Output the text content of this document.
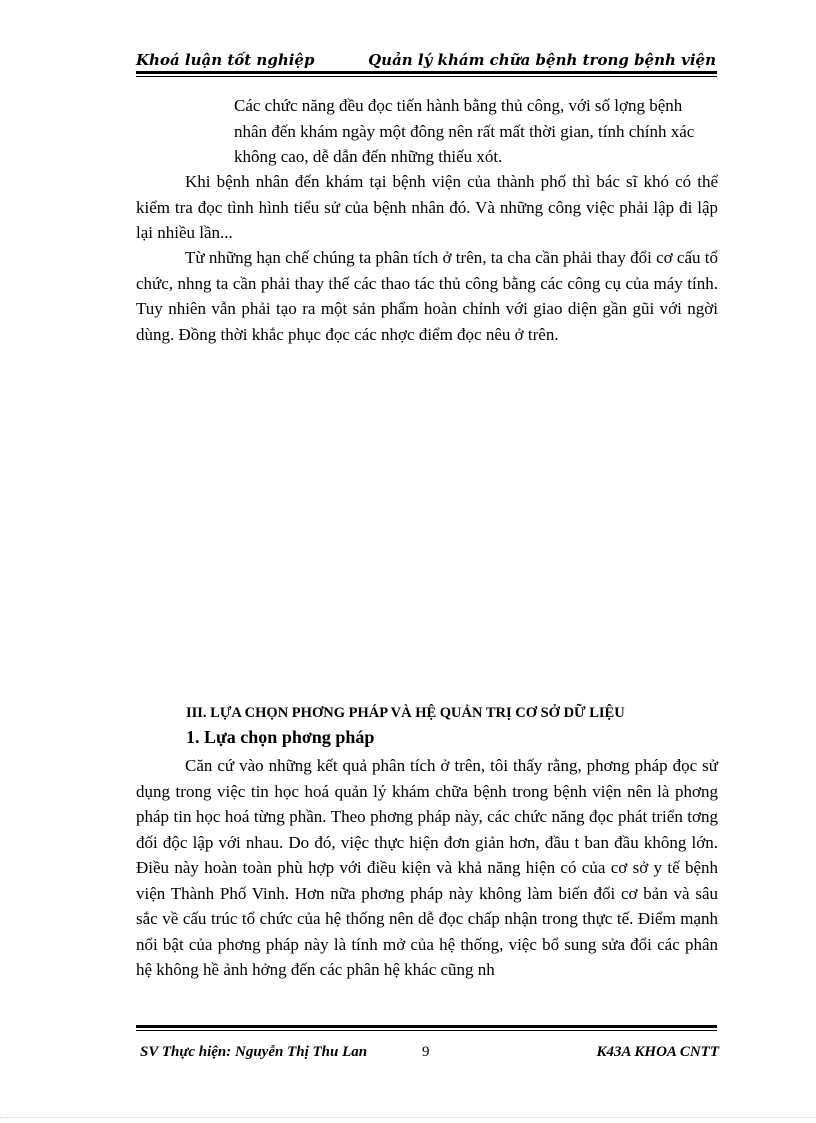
Khoá luận tốt nghiệp	Quản lý khám chữa bệnh trong bệnh viện
Các chức năng đều đọc tiến hành bằng thủ công, với số lợng bệnh nhân đến khám ngày một đông nên rất mất thời gian, tính chính xác không cao, dễ dẫn đến những thiếu xót.
Khi bệnh nhân đến khám tại bệnh viện của thành phố thì bác sĩ khó có thể kiểm tra đọc tình hình tiểu sử của bệnh nhân đó. Và những công việc phải lập đi lập lại nhiều lần...
Từ những hạn chế chúng ta phân tích ở trên, ta cha cần phải thay đổi cơ cấu tổ chức, nhng ta cần phải thay thế các thao tác thủ công bằng các công cụ của máy tính. Tuy nhiên vẫn phải tạo ra một sản phẩm hoàn chỉnh với giao diện gần gũi với ngời dùng. Đồng thời khắc phục đọc các nhợc điểm đọc nêu ở trên.
III. LỰA CHỌN PHƠNG PHÁP VÀ HỆ QUẢN TRỊ CƠ SỞ DỮ LIỆU
1. Lựa chọn phơng pháp
Căn cứ vào những kết quả phân tích ở trên, tôi thấy rằng, phơng pháp đọc sử dụng trong việc tin học hoá quản lý khám chữa bệnh trong bệnh viện nên là phơng pháp tin học hoá từng phần. Theo phơng pháp này, các chức năng đọc phát triển tơng đối độc lập với nhau. Do đó, việc thực hiện đơn giản hơn, đầu t ban đầu không lớn. Điều này hoàn toàn phù hợp với điều kiện và khả năng hiện có của cơ sở y tế bệnh viện Thành Phố Vinh. Hơn nữa phơng pháp này không làm biến đổi cơ bản và sâu sắc về cấu trúc tổ chức của hệ thống nên dễ đọc chấp nhận trong thực tế. Điểm mạnh nổi bật của phơng pháp này là tính mở của hệ thống, việc bổ sung sửa đổi các phân hệ không hề ảnh hởng đến các phân hệ khác cũng nh
SV Thực hiện: Nguyễn Thị Thu Lan	9	K43A KHOA CNTT
